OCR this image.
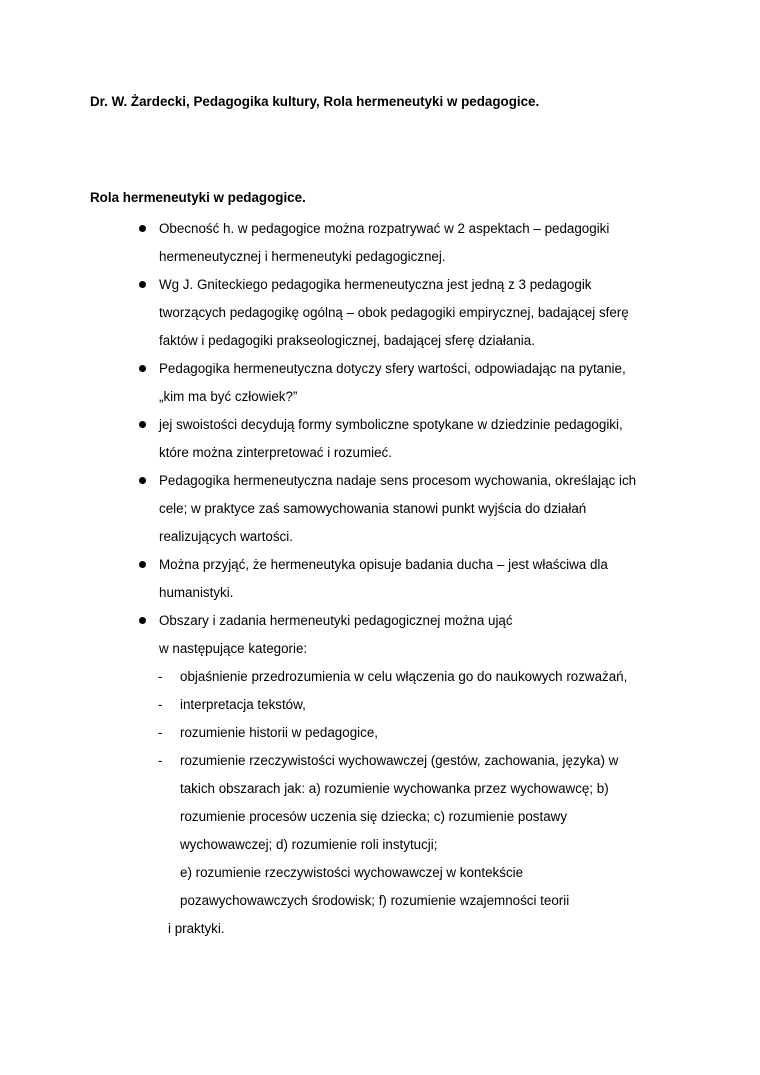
Dr. W. Żardecki, Pedagogika kultury, Rola hermeneutyki w pedagogice.
Rola hermeneutyki w pedagogice.
Obecność h. w pedagogice można rozpatrywać w 2 aspektach – pedagogiki
hermeneutycznej i hermeneutyki pedagogicznej.
Wg J. Gniteckiego pedagogika hermeneutyczna jest jedną z 3 pedagogik
tworzących pedagogikę ogólną – obok pedagogiki empirycznej, badającej sferę
faktów i pedagogiki prakseologicznej, badającej sferę działania.
Pedagogika hermeneutyczna dotyczy sfery wartości, odpowiadając na pytanie,
„kim ma być człowiek?”
jej swoistości decydują formy symboliczne spotykane w dziedzinie pedagogiki,
które można zinterpretować i rozumieć.
Pedagogika hermeneutyczna nadaje sens procesom wychowania, określając ich
cele; w praktyce zaś samowychowania stanowi punkt wyjścia do działań
realizujących wartości.
Można przyjąć, że hermeneutyka opisuje badania ducha – jest właściwa dla
humanistyki.
Obszary i zadania hermeneutyki pedagogicznej można ująć
w następujące kategorie:
- objaśnienie przedrozumienia w celu włączenia go do naukowych rozważań,
- interpretacja tekstów,
- rozumienie historii w pedagogice,
- rozumienie rzeczywistości wychowawczej (gestów, zachowania, języka) w
takich obszarach jak: a) rozumienie wychowanka przez wychowawcę; b)
rozumienie procesów uczenia się dziecka; c) rozumienie postawy
wychowawczej; d) rozumienie roli instytucji;
e) rozumienie rzeczywistości wychowawczej w kontekście
pozawychowawczych środowisk; f) rozumienie wzajemności teorii
i praktyki.
